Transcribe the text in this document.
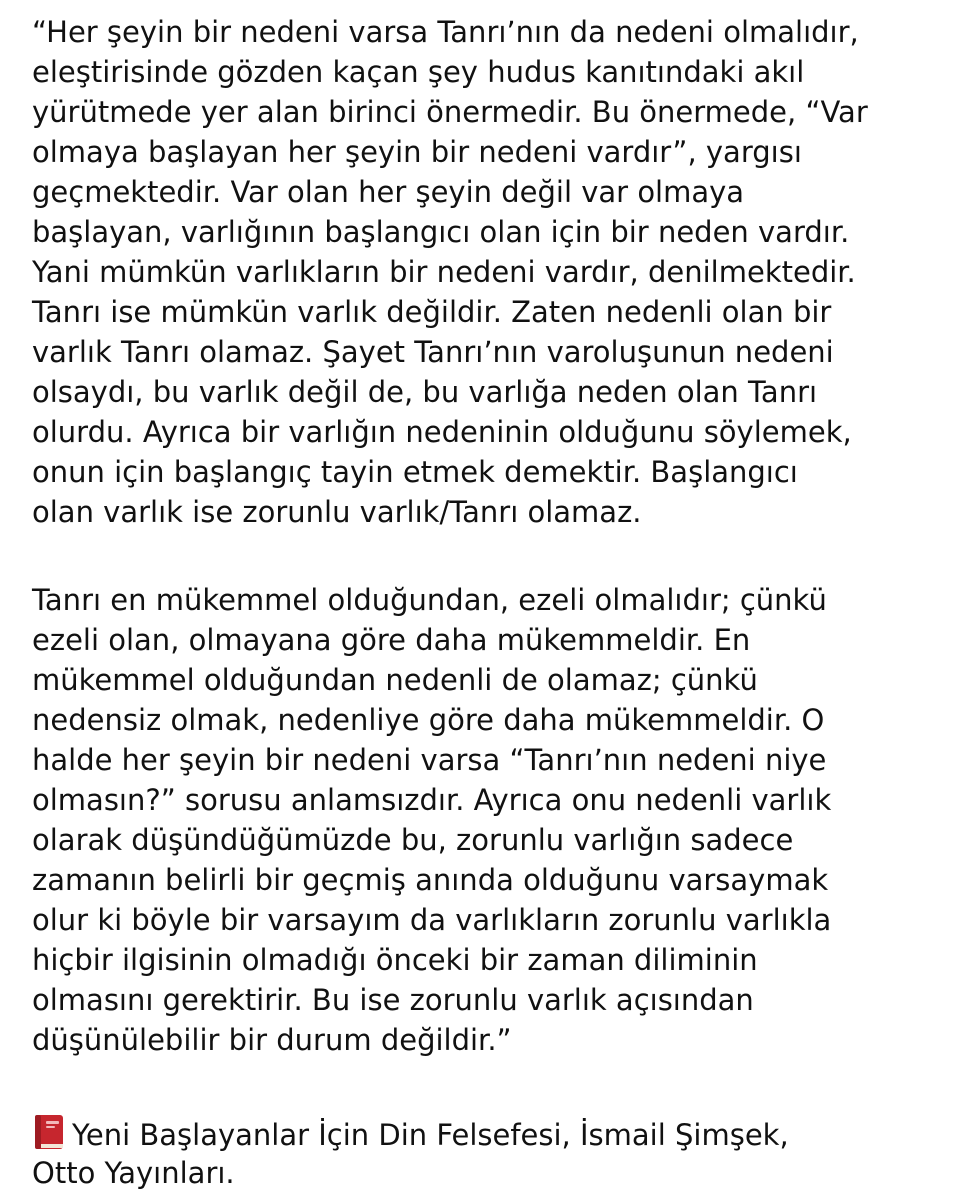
“Her şeyin bir nedeni varsa Tanrı’nın da nedeni olmalıdır,
eleştirisinde gözden kaçan şey hudus kanıtındaki akıl
yürütmede yer alan birinci önermedir. Bu önermede, “Var
olmaya başlayan her şeyin bir nedeni vardır”, yargısı
geçmektedir. Var olan her şeyin değil var olmaya
başlayan, varlığının başlangıcı olan için bir neden vardır.
Yani mümkün varlıkların bir nedeni vardır, denilmektedir.
Tanrı ise mümkün varlık değildir. Zaten nedenli olan bir
varlık Tanrı olamaz. Şayet Tanrı’nın varoluşunun nedeni
olsaydı, bu varlık değil de, bu varlığa neden olan Tanrı
olurdu. Ayrıca bir varlığın nedeninin olduğunu söylemek,
onun için başlangıç tayin etmek demektir. Başlangıcı
olan varlık ise zorunlu varlık/Tanrı olamaz.

Tanrı en mükemmel olduğundan, ezeli olmalıdır; çünkü
ezeli olan, olmayana göre daha mükemmeldir. En
mükemmel olduğundan nedenli de olamaz; çünkü
nedensiz olmak, nedenliye göre daha mükemmeldir. O
halde her şeyin bir nedeni varsa “Tanrı’nın nedeni niye
olmasın?” sorusu anlamsızdır. Ayrıca onu nedenli varlık
olarak düşündüğümüzde bu, zorunlu varlığın sadece
zamanın belirli bir geçmiş anında olduğunu varsaymak
olur ki böyle bir varsayım da varlıkların zorunlu varlıkla
hiçbir ilgisinin olmadığı önceki bir zaman diliminin
olmasını gerektirir. Bu ise zorunlu varlık açısından
düşünülebilir bir durum değildir.”

Yeni Başlayanlar İçin Din Felsefesi, İsmail Şimşek,
Otto Yayınları.
